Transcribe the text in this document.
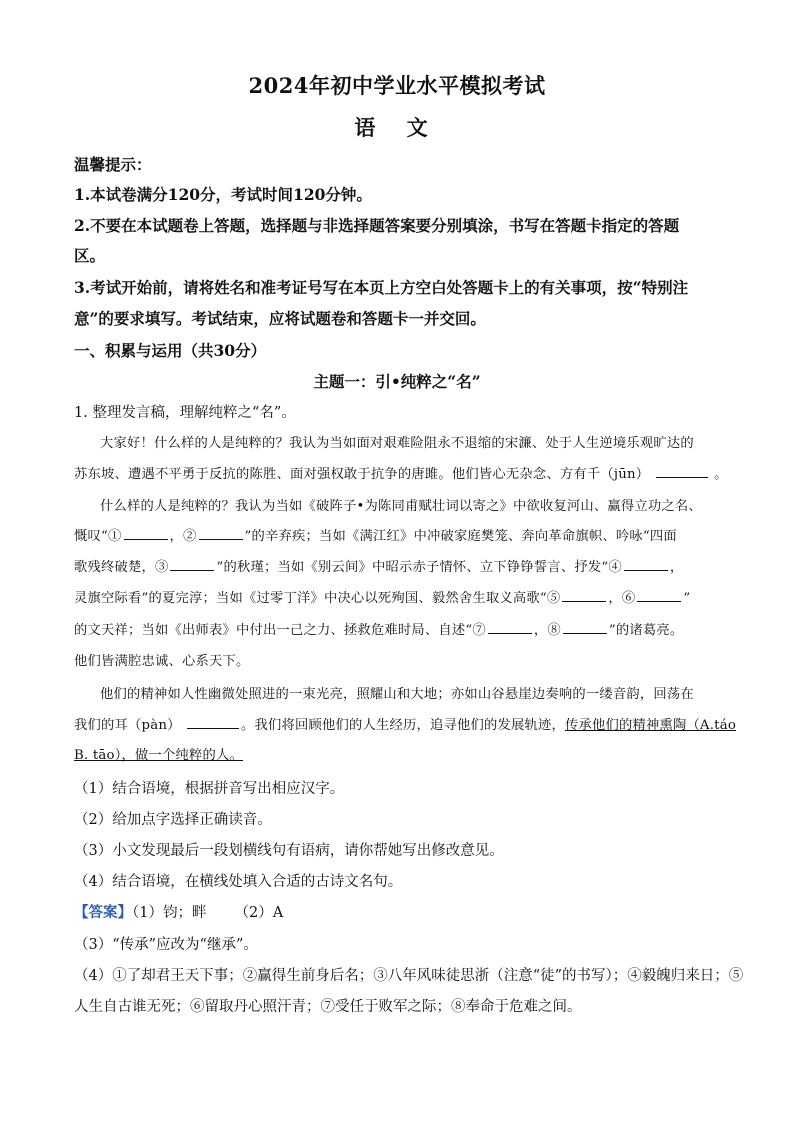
2024年初中学业水平模拟考试
语 文
温馨提示：
1.本试卷满分120分，考试时间120分钟。
2.不要在本试题卷上答题，选择题与非选择题答案要分别填涂，书写在答题卡指定的答题
区。
3.考试开始前，请将姓名和准考证号写在本页上方空白处答题卡上的有关事项，按“特别注
意”的要求填写。考试结束，应将试题卷和答题卡一并交回。
一、积累与运用（共30分）
主题一：引•纯粹之“名”
1. 整理发言稿，理解纯粹之“名”。
大家好！什么样的人是纯粹的？我认为当如面对艰难险阻永不退缩的宋濂、处于人生逆境乐观旷达的
苏东坡、遭遇不平勇于反抗的陈胜、面对强权敢于抗争的唐雎。他们皆心无杂念、方有千（jūn）	。
什么样的人是纯粹的？我认为当如《破阵子•为陈同甫赋壮词以寄之》中欲收复河山、赢得立功之名、
慨叹“①	，②	”的辛弃疾；当如《满江红》中冲破家庭樊笼、奔向革命旗帜、吟咏“四面
歌残终破楚，③	”的秋瑾；当如《别云间》中昭示赤子情怀、立下铮铮誓言、抒发“④	，
灵旗空际看”的夏完淳；当如《过零丁洋》中决心以死殉国、毅然舍生取义高歌“⑤	，⑥	”
的文天祥；当如《出师表》中付出一己之力、拯救危难时局、自述“⑦	，⑧	”的诸葛亮。
他们皆满腔忠诚、心系天下。
他们的精神如人性幽微处照进的一束光亮，照耀山和大地；亦如山谷悬崖边奏响的一缕音韵，回荡在
我们的耳（pàn）	。我们将回顾他们的人生经历，追寻他们的发展轨迹，传承他们的精神熏陶（A.táo
B. tāo），做一个纯粹的人。
（1）结合语境，根据拼音写出相应汉字。
（2）给加点字选择正确读音。
（3）小文发现最后一段划横线句有语病，请你帮她写出修改意见。
（4）结合语境，在横线处填入合适的古诗文名句。
【答案】（1）钧；畔 （2）A
（3）“传承”应改为“继承”。
（4）①了却君王天下事；②赢得生前身后名；③八年风味徒思浙（注意“徒”的书写）；④毅魄归来日；⑤
人生自古谁无死；⑥留取丹心照汗青；⑦受任于败军之际；⑧奉命于危难之间。
